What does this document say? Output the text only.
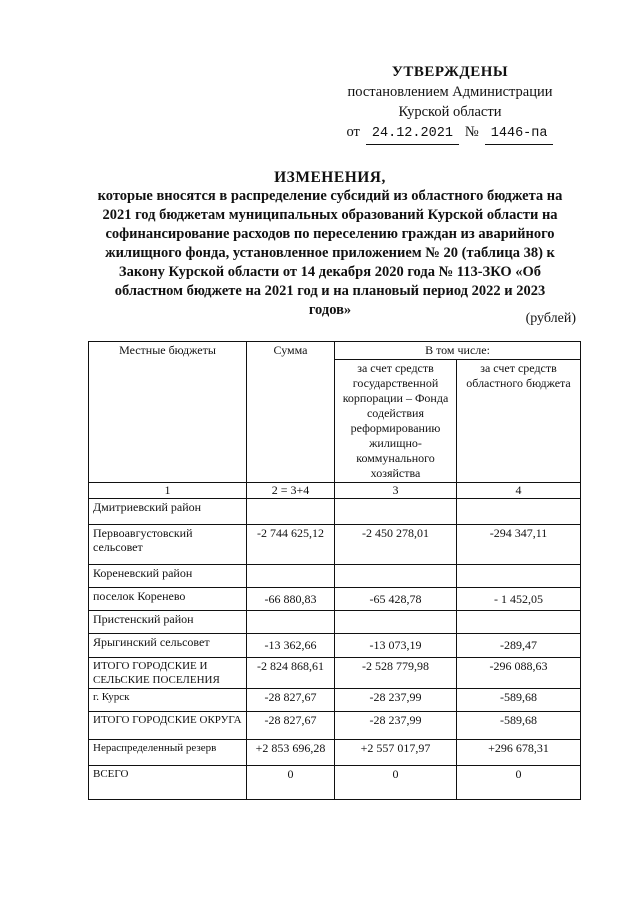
УТВЕРЖДЕНЫ
постановлением Администрации
Курской области
от 24.12.2021 № 1446-па
ИЗМЕНЕНИЯ,
которые вносятся в распределение субсидий из областного бюджета на
2021 год бюджетам муниципальных образований Курской области на
софинансирование расходов по переселению граждан из аварийного
жилищного фонда, установленное приложением № 20 (таблица 38) к
Закону Курской области от 14 декабря 2020 года № 113-ЗКО «Об
областном бюджете на 2021 год и на плановый период 2022 и 2023
годов»
(рублей)
Местные бюджеты	Сумма	В том числе:	
		за счет средств государственной корпорации – Фонда содействия реформированию жилищно-коммунального хозяйства	за счет средств областного бюджета
1	2 = 3+4	3	4
Дмитриевский район			
Первоавгустовский сельсовет	-2 744 625,12	-2 450 278,01	-294 347,11
Кореневский район			
поселок Коренево	-66 880,83	-65 428,78	- 1 452,05
Пристенский район			
Ярыгинский сельсовет	-13 362,66	-13 073,19	-289,47
ИТОГО ГОРОДСКИЕ И СЕЛЬСКИЕ ПОСЕЛЕНИЯ	-2 824 868,61	-2 528 779,98	-296 088,63
г. Курск	-28 827,67	-28 237,99	-589,68
ИТОГО ГОРОДСКИЕ ОКРУГА	-28 827,67	-28 237,99	-589,68
Нераспределенный резерв	+2 853 696,28	+2 557 017,97	+296 678,31
ВСЕГО	0	0	0
